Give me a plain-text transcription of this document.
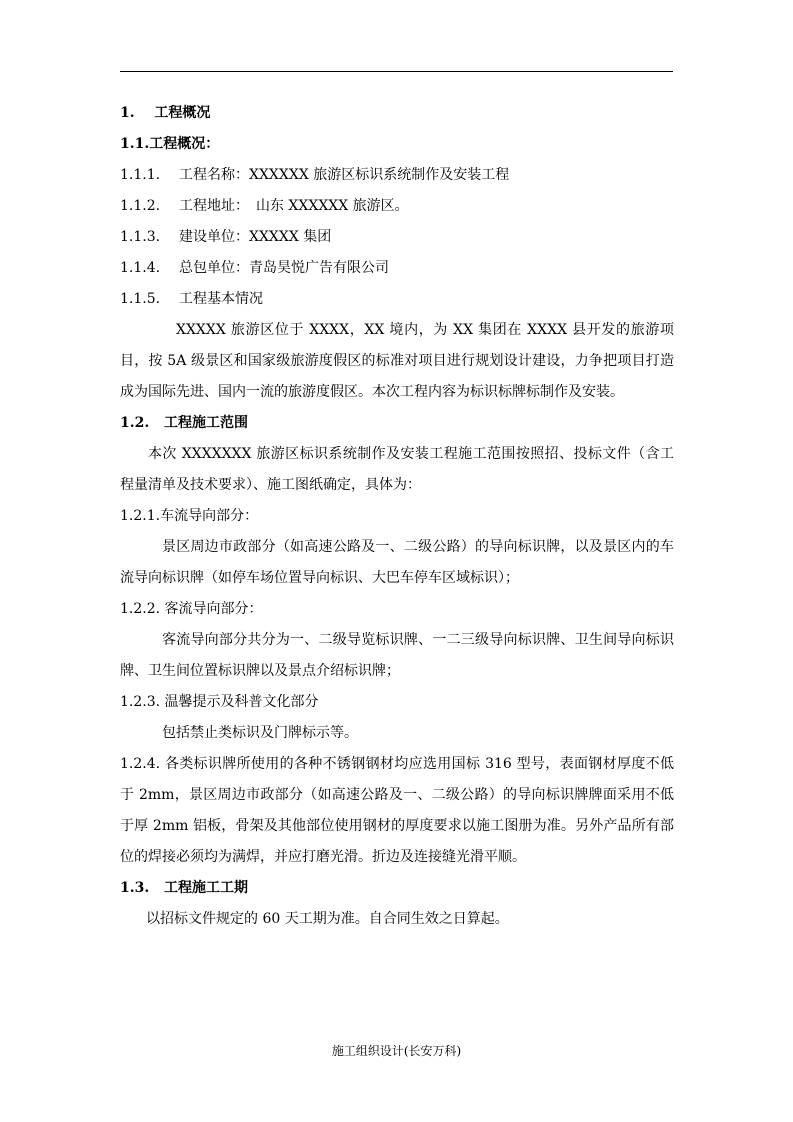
1. 工程概况
1.1.工程概况：
1.1.1. 工程名称：XXXXXX 旅游区标识系统制作及安装工程
1.1.2. 工程地址：　山东 XXXXXX 旅游区。
1.1.3. 建设单位：XXXXX 集团
1.1.4. 总包单位：青岛昊悦广告有限公司
1.1.5. 工程基本情况

XXXXX 旅游区位于 XXXX，XX 境内，为 XX 集团在 XXXX 县开发的旅游项目，按 5A 级景区和国家级旅游度假区的标准对项目进行规划设计建设，力争把项目打造成为国际先进、国内一流的旅游度假区。本次工程内容为标识标牌标制作及安装。

1.2. 工程施工范围

本次 XXXXXXX 旅游区标识系统制作及安装工程施工范围按照招、投标文件（含工程量清单及技术要求）、施工图纸确定，具体为：

1.2.1.车流导向部分：

景区周边市政部分（如高速公路及一、二级公路）的导向标识牌，以及景区内的车流导向标识牌（如停车场位置导向标识、大巴车停车区域标识）；

1.2.2. 客流导向部分：

客流导向部分共分为一、二级导览标识牌、一二三级导向标识牌、卫生间导向标识牌、卫生间位置标识牌以及景点介绍标识牌；

1.2.3. 温馨提示及科普文化部分

包括禁止类标识及门牌标示等。

1.2.4. 各类标识牌所使用的各种不锈钢钢材均应选用国标 316 型号，表面钢材厚度不低于 2mm，景区周边市政部分（如高速公路及一、二级公路）的导向标识牌牌面采用不低于厚 2mm 铝板，骨架及其他部位使用钢材的厚度要求以施工图册为准。另外产品所有部位的焊接必须均为满焊，并应打磨光滑。折边及连接缝光滑平顺。

1.3. 工程施工工期

以招标文件规定的 60 天工期为准。自合同生效之日算起。

施工组织设计(长安万科)
